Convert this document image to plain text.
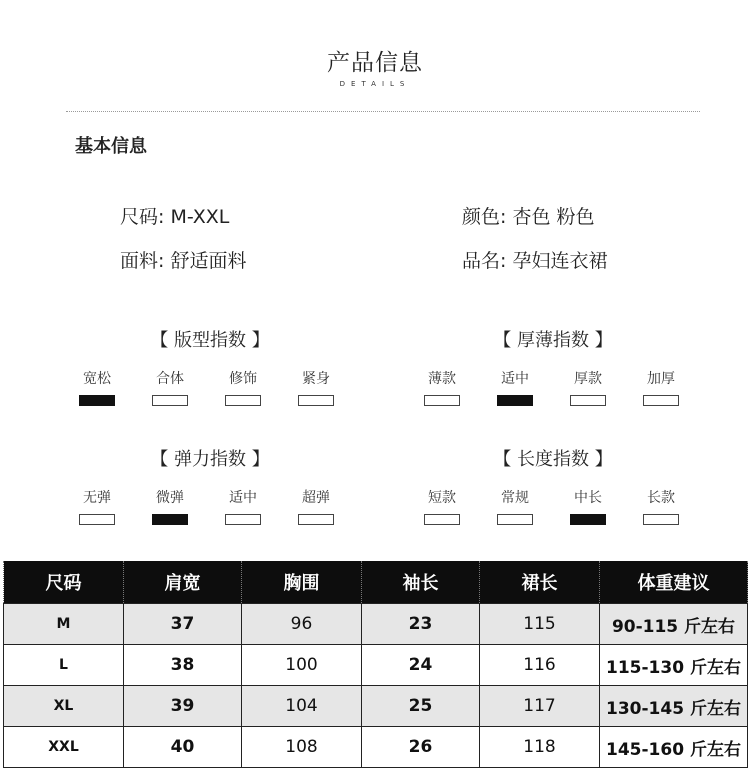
产品信息
DETAILS
基本信息
尺码: M-XXL	颜色: 杏色 粉色
面料: 舒适面料	品名: 孕妇连衣裙
【 版型指数 】
宽松	合体	修饰	紧身
【 厚薄指数 】
薄款	适中	厚款	加厚
【 弹力指数 】
无弹	微弹	适中	超弹
【 长度指数 】
短款	常规	中长	长款
尺码	肩宽	胸围	袖长	裙长	体重建议
M	37	96	23	115	90-115 斤左右
L	38	100	24	116	115-130 斤左右
XL	39	104	25	117	130-145 斤左右
XXL	40	108	26	118	145-160 斤左右
